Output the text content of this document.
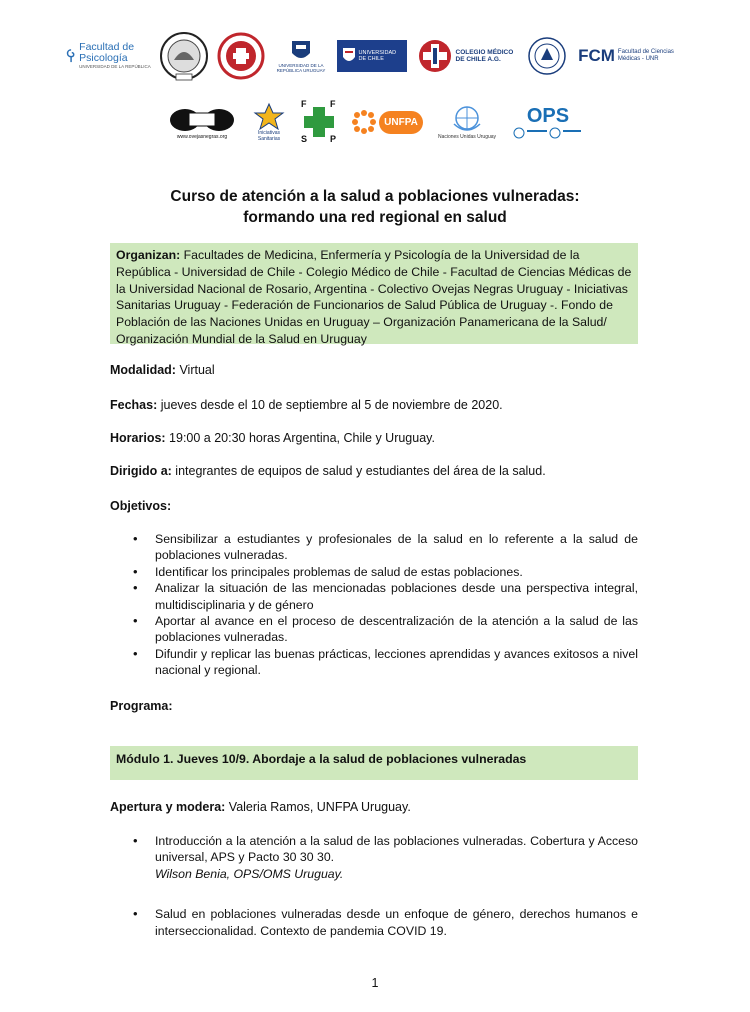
Facultad de Psicología
UNIVERSIDAD DE LA REPÚBLICA	UNIVERSIDAD DE LA REPÚBLICA URUGUAY
UNIVERSIDAD DE CHILE
COLEGIO MÉDICO DE CHILE A.G.	FCM Facultad de Ciencias Médicas - UNR
www.ovejasnegras.org
Iniciativas Sanitarias
F	F
S	P
UNFPA
Naciones Unidas Uruguay
OPS
Curso de atención a la salud a poblaciones vulneradas:
formando una red regional en salud
Organizan: Facultades de Medicina, Enfermería y Psicología de la Universidad de la República - Universidad de Chile - Colegio Médico de Chile - Facultad de Ciencias Médicas de la Universidad Nacional de Rosario, Argentina - Colectivo Ovejas Negras Uruguay - Iniciativas Sanitarias Uruguay - Federación de Funcionarios de Salud Pública de Uruguay -. Fondo de Población de las Naciones Unidas en Uruguay – Organización Panamericana de la Salud/ Organización Mundial de la Salud en Uruguay
Modalidad: Virtual
Fechas: jueves desde el 10 de septiembre al 5 de noviembre de 2020.
Horarios: 19:00 a 20:30 horas Argentina, Chile y Uruguay.
Dirigido a: integrantes de equipos de salud y estudiantes del área de la salud.
Objetivos:
• Sensibilizar a estudiantes y profesionales de la salud en lo referente a la salud de poblaciones vulneradas.
• Identificar los principales problemas de salud de estas poblaciones.
• Analizar la situación de las mencionadas poblaciones desde una perspectiva integral, multidisciplinaria y de género
• Aportar al avance en el proceso de descentralización de la atención a la salud de las poblaciones vulneradas.
• Difundir y replicar las buenas prácticas, lecciones aprendidas y avances exitosos a nivel nacional y regional.
Programa:
Módulo 1. Jueves 10/9. Abordaje a la salud de poblaciones vulneradas
Apertura y modera: Valeria Ramos, UNFPA Uruguay.
• Introducción a la atención a la salud de las poblaciones vulneradas. Cobertura y Acceso universal, APS y Pacto 30 30 30.
Wilson Benia, OPS/OMS Uruguay.
• Salud en poblaciones vulneradas desde un enfoque de género, derechos humanos e interseccionalidad. Contexto de pandemia COVID 19.
1
